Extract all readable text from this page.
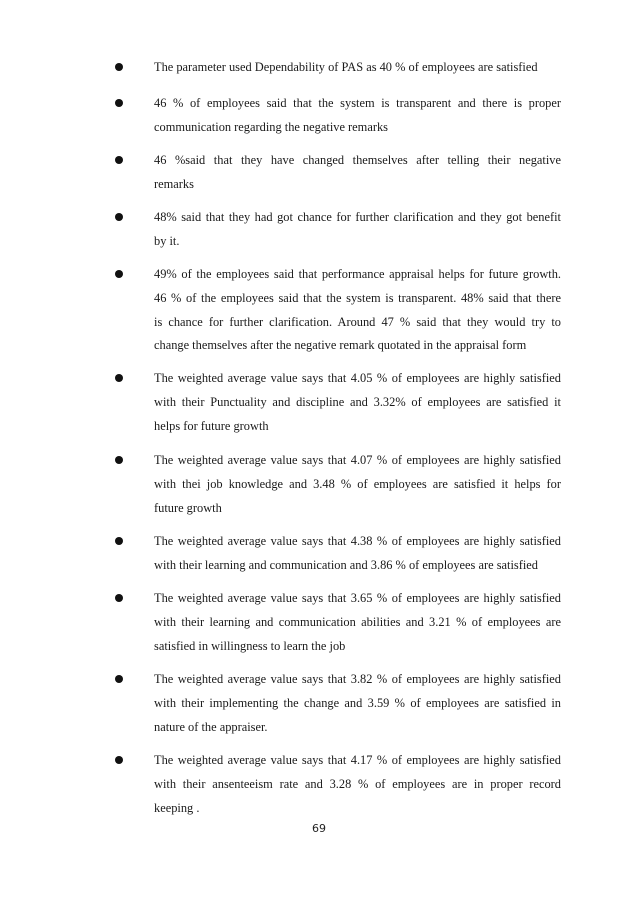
The parameter used Dependability of PAS as 40 % of employees are satisfied
46 % of employees said that the system is transparent and there is proper
communication regarding the negative remarks
46 %said that they have changed themselves after telling their negative
remarks
48% said that they had got chance for further clarification and they got benefit
by it.
49% of the employees said that performance appraisal helps for future growth.
46 % of the employees said that the system is transparent. 48% said that there
is chance for further clarification. Around 47 % said that they would try to
change themselves after the negative remark quotated in the appraisal form
The weighted average value says that 4.05 % of employees are highly satisfied
with their Punctuality and discipline and 3.32% of employees are satisfied it
helps for future growth
The weighted average value says that 4.07 % of employees are highly satisfied
with thei job knowledge and 3.48 % of employees are satisfied it helps for
future growth
The weighted average value says that 4.38 % of employees are highly satisfied
with their learning and communication and 3.86 % of employees are satisfied
The weighted average value says that 3.65 % of employees are highly satisfied
with their learning and communication abilities and 3.21 % of employees are
satisfied in willingness to learn the job
The weighted average value says that 3.82 % of employees are highly satisfied
with their implementing the change and 3.59 % of employees are satisfied in
nature of the appraiser.
The weighted average value says that 4.17 % of employees are highly satisfied
with their ansenteeism rate and 3.28 % of employees are in proper record
keeping .
69
